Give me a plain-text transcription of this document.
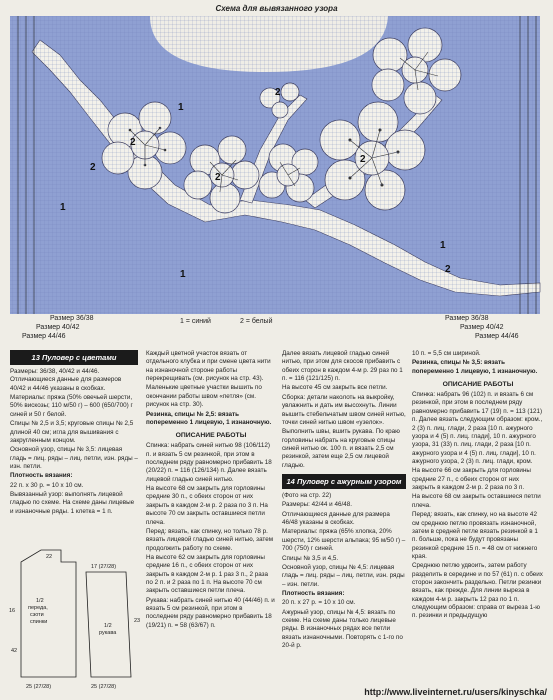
2
2
2
2
1
2
1
1	2
1
Схема для вывязанного узора
Размер 36/38
Размер 40/42
Размер 44/46
Размер 36/38
Размер 40/42
Размер 44/46
1 = синий	2 = белый
13 Пуловер с цветами

Размеры: 36/38, 40/42 и 44/46. Отличающиеся данные для размеров 40/42 и 44/46 указаны в скобках.

Материалы: пряжа (50% овечьей шерсти, 50% вискозы; 110 м/50 г) – 600 (650/700) г синей и 50 г белой.

Спицы № 2,5 и 3,5; круговые спицы № 2,5 длиной 40 см; игла для вышивания с закругленным концом.

Основной узор, спицы № 3,5: лицевая гладь = лиц. ряды – лиц. петли, изн. ряды – изн. петли.

Плотность вязания:

22 п. х 30 р. = 10 х 10 см.

Вывязанный узор: выполнять лицевой гладью по схеме. На схеме даны лицевые и изнаночные ряды. 1 клетка = 1 п.

1/2 переда, сзоти спинки
1/2 рукава
16
25 (27/28)
17 (27/28)
23
25 (27/28)
42
22

Каждый цветной участок вязать от отдельного клубка и при смене цвета нити на изнаночной стороне работы перекрещивать (см. рисунок на стр. 43).

Маленькие цветные участки вышить по окончании работы швом «петля» (см. рисунок на стр. 30).

Резинка, спицы № 2,5: вязать попеременно 1 лицевую, 1 изнаночную.

ОПИСАНИЕ РАБОТЫ

Спинка: набрать синей нитью 98 (106/112) п. и вязать 5 см резинкой, при этом в последнем ряду равномерно прибавить 18 (20/22) п. = 116 (126/134) п. Далее вязать лицевой гладью синей нитью.

На высоте 68 см закрыть для горловины средние 30 п., с обеих сторон от них закрыть в каждом 2-м р. 2 раза по 3 п. На высоте 70 см закрыть оставшиеся петли плеча.

Перед: вязать, как спинку, но только 78 р. вязать лицевой гладью синей нитью, затем продолжить работу по схеме.

На высоте 62 см закрыть для горловины средние 16 п., с обеих сторон от них закрыть в каждом 2-м р. 1 раз 3 п., 2 раза по 2 п. и 2 раза по 1 п. На высоте 70 см закрыть оставшиеся петли плеча.

Рукава: набрать синей нитью 40 (44/46) п. и вязать 5 см резинкой, при этом в последнем ряду равномерно прибавить 18 (19/21) п. = 58 (63/67) п.

Далее вязать лицевой гладью синей нитью, при этом для скосов прибавить с обеих сторон в каждом 4-м р. 29 раз по 1 п. = 116 (121/125) п.

На высоте 45 см закрыть все петли.

Сборка: детали наколоть на выкройку, увлажнить и дать им высохнуть. Линии вышить стебельчатым швом синей нитью, точки синей нитью швом «узелок».

Выполнить швы, вшить рукава. По краю горловины набрать на круговые спицы синей нитью ок. 100 п. и вязать 2,5 см резинкой, затем еще 2,5 см лицевой гладью.

14 Пуловер с ажурным узором

(Фото на стр. 22)

Размеры: 42/44 и 46/48.

Отличающиеся данные для размера 46/48 указаны в скобках.

Материалы: пряжа (65% хлопка, 20% шерсти, 12% шерсти альпака; 95 м/50 г) – 700 (750) г синей.

Спицы № 3,5 и 4,5.

Основной узор, спицы № 4,5: лицевая гладь = лиц. ряды – лиц. петли, изн. ряды – изн. петли.

Плотность вязания:

20 п. х 27 р. = 10 х 10 см.

Ажурный узор, спицы № 4,5: вязать по схеме. На схеме даны только лицевые ряды. В изнаночных рядах все петли вязать изнаночными. Повторять с 1-го по 20-й р.

10 п. = 5,5 см шириной.

Резинка, спицы № 3,5: вязать попеременно 1 лицевую, 1 изнаночную.

ОПИСАНИЕ РАБОТЫ

Спинка: набрать 96 (102) п. и вязать 6 см резинкой, при этом в последнем ряду равномерно прибавить 17 (19) п. = 113 (121) п. Далее вязать следующим образом: кром., 2 (3) п. лиц. глади, 2 раза [10 п. ажурного узора и 4 (5) п. лиц. глади], 10 п. ажурного узора, 31 (33) п. лиц. глади, 2 раза [10 п. ажурного узора и 4 (5) п. лиц. глади], 10 п. ажурного узора, 2 (3) п. лиц. глади, кром.

На высоте 66 см закрыть для горловины средние 27 п., с обеих сторон от них закрыть в каждом 2-м р. 2 раза по 3 п.

На высоте 68 см закрыть оставшиеся петли плеча.

Перед: вязать, как спинку, но на высоте 42 см среднюю петлю провязать изнаночной, затем в средней петле вязать резинкой в 1 п. больше, пока не будут провязаны резинкой средние 15 п. = 48 см от нижнего края.

Среднюю петлю удвоить, затем работу разделить в середине и по 57 (61) п. с обеих сторон закончить раздельно. Петли резинки вязать, как прежде. Для линии выреза в каждом 4-м р. закрыть 12 раз по 1 п. следующим образом: справа от выреза 1-ю п. резинки и предыдущую

http://www.liveinternet.ru/users/kinyschka/
